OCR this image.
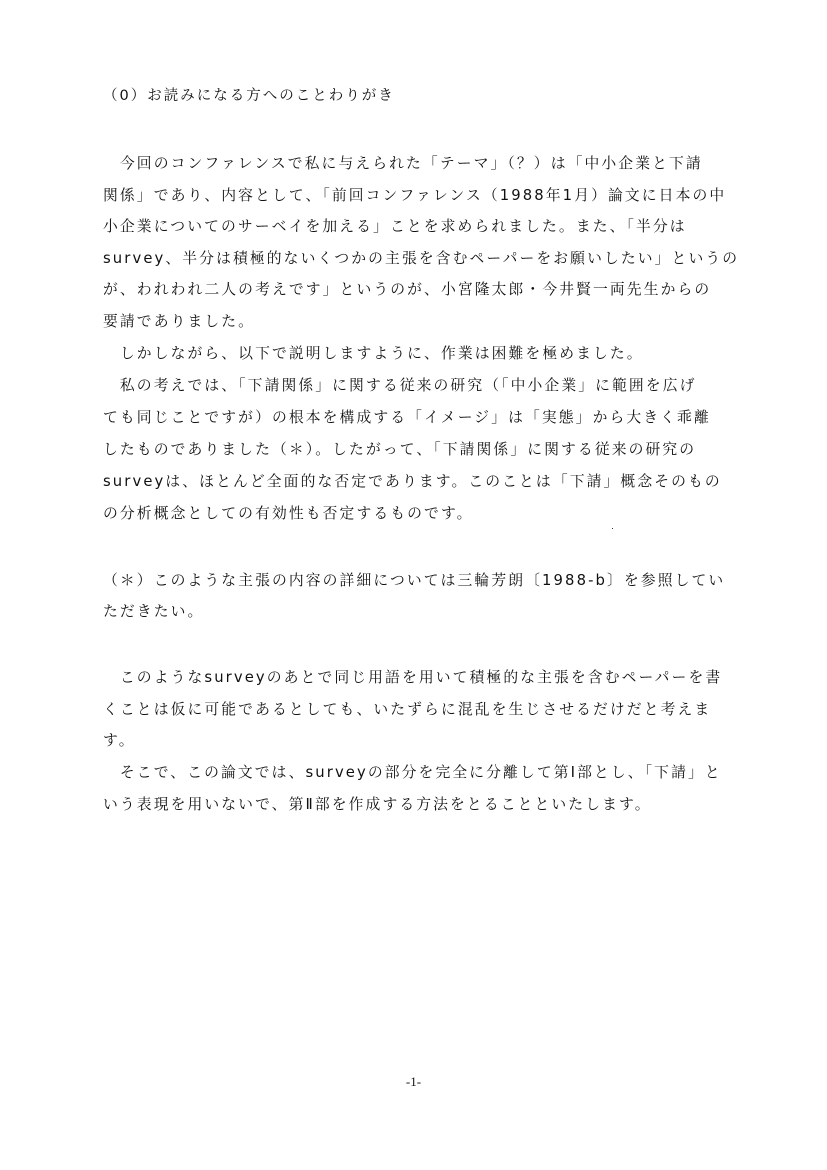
（0）お読みになる方へのことわりがき
　今回のコンファレンスで私に与えられた「テーマ」（？）は「中小企業と下請
関係」であり、内容として、「前回コンファレンス（1988年1月）論文に日本の中
小企業についてのサーベイを加える」ことを求められました。また、「半分は
survey、半分は積極的ないくつかの主張を含むペーパーをお願いしたい」というの
が、われわれ二人の考えです」というのが、小宮隆太郎・今井賢一両先生からの
要請でありました。
　しかしながら、以下で説明しますように、作業は困難を極めました。
　私の考えでは、「下請関係」に関する従来の研究（「中小企業」に範囲を広げ
ても同じことですが）の根本を構成する「イメージ」は「実態」から大きく乖離
したものでありました（＊）。したがって、「下請関係」に関する従来の研究の
surveyは、ほとんど全面的な否定であります。このことは「下請」概念そのもの
の分析概念としての有効性も否定するものです。
（＊）このような主張の内容の詳細については三輪芳朗〔1988-b〕を参照してい
ただきたい。
　このようなsurveyのあとで同じ用語を用いて積極的な主張を含むペーパーを書
くことは仮に可能であるとしても、いたずらに混乱を生じさせるだけだと考えま
す。
　そこで、この論文では、surveyの部分を完全に分離して第Ⅰ部とし、「下請」と
いう表現を用いないで、第Ⅱ部を作成する方法をとることといたします。
-1-
